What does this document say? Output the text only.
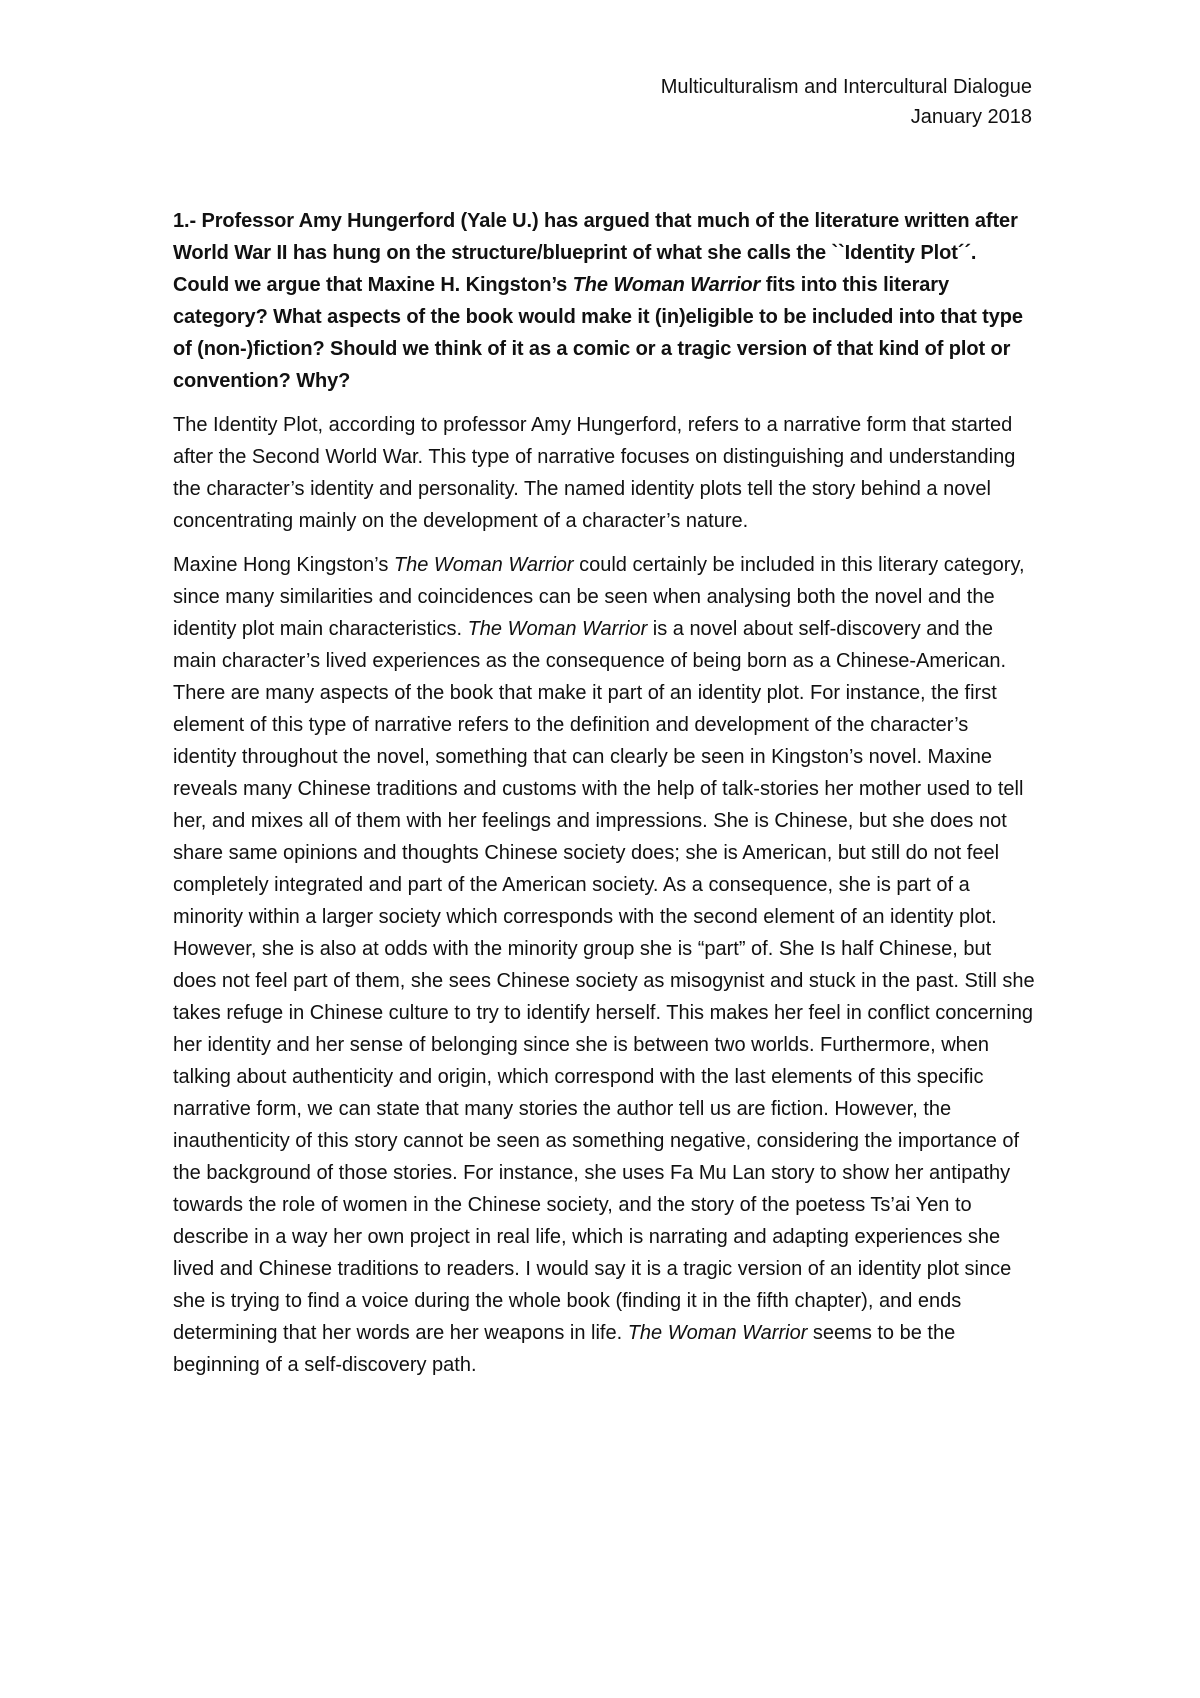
Multiculturalism and Intercultural Dialogue
January 2018

1.- Professor Amy Hungerford (Yale U.) has argued that much of the literature written after World War II has hung on the structure/blueprint of what she calls the ``Identity Plot´´. Could we argue that Maxine H. Kingston’s The Woman Warrior fits into this literary category? What aspects of the book would make it (in)eligible to be included into that type of (non-)fiction? Should we think of it as a comic or a tragic version of that kind of plot or convention? Why?

The Identity Plot, according to professor Amy Hungerford, refers to a narrative form that started after the Second World War. This type of narrative focuses on distinguishing and understanding the character’s identity and personality. The named identity plots tell the story behind a novel concentrating mainly on the development of a character’s nature.

Maxine Hong Kingston’s The Woman Warrior could certainly be included in this literary category, since many similarities and coincidences can be seen when analysing both the novel and the identity plot main characteristics. The Woman Warrior is a novel about self-discovery and the main character’s lived experiences as the consequence of being born as a Chinese-American. There are many aspects of the book that make it part of an identity plot. For instance, the first element of this type of narrative refers to the definition and development of the character’s identity throughout the novel, something that can clearly be seen in Kingston’s novel. Maxine reveals many Chinese traditions and customs with the help of talk-stories her mother used to tell her, and mixes all of them with her feelings and impressions. She is Chinese, but she does not share same opinions and thoughts Chinese society does; she is American, but still do not feel completely integrated and part of the American society. As a consequence, she is part of a minority within a larger society which corresponds with the second element of an identity plot. However, she is also at odds with the minority group she is “part” of. She Is half Chinese, but does not feel part of them, she sees Chinese society as misogynist and stuck in the past. Still she takes refuge in Chinese culture to try to identify herself. This makes her feel in conflict concerning her identity and her sense of belonging since she is between two worlds. Furthermore, when talking about authenticity and origin, which correspond with the last elements of this specific narrative form, we can state that many stories the author tell us are fiction. However, the inauthenticity of this story cannot be seen as something negative, considering the importance of the background of those stories. For instance, she uses Fa Mu Lan story to show her antipathy towards the role of women in the Chinese society, and the story of the poetess Ts’ai Yen to describe in a way her own project in real life, which is narrating and adapting experiences she lived and Chinese traditions to readers. I would say it is a tragic version of an identity plot since she is trying to find a voice during the whole book (finding it in the fifth chapter), and ends determining that her words are her weapons in life. The Woman Warrior seems to be the beginning of a self-discovery path.
